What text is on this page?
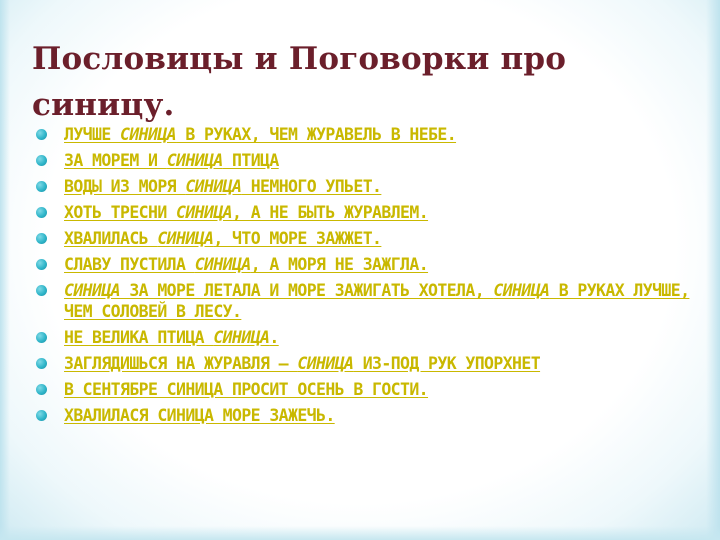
Пословицы и Поговорки про синицу.
ЛУЧШЕ СИНИЦА В РУКАХ, ЧЕМ ЖУРАВЕЛЬ В НЕБЕ.
ЗА МОРЕМ И СИНИЦА ПТИЦА
ВОДЫ ИЗ МОРЯ СИНИЦА НЕМНОГО УПЬЕТ.
ХОТЬ ТРЕСНИ СИНИЦА, А НЕ БЫТЬ ЖУРАВЛЕМ.
ХВАЛИЛАСЬ СИНИЦА, ЧТО МОРЕ ЗАЖЖЕТ.
СЛАВУ ПУСТИЛА СИНИЦА, А МОРЯ НЕ ЗАЖГЛА.
СИНИЦА ЗА МОРЕ ЛЕТАЛА И МОРЕ ЗАЖИГАТЬ ХОТЕЛА, СИНИЦА В РУКАХ ЛУЧШЕ, ЧЕМ СОЛОВЕЙ В ЛЕСУ.
НЕ ВЕЛИКА ПТИЦА СИНИЦА.
ЗАГЛЯДИШЬСЯ НА ЖУРАВЛЯ — СИНИЦА ИЗ-ПОД РУК УПОРХНЕТ
В СЕНТЯБРЕ СИНИЦА ПРОСИТ ОСЕНЬ В ГОСТИ.
ХВАЛИЛАСЯ СИНИЦА МОРЕ ЗАЖЕЧЬ.
